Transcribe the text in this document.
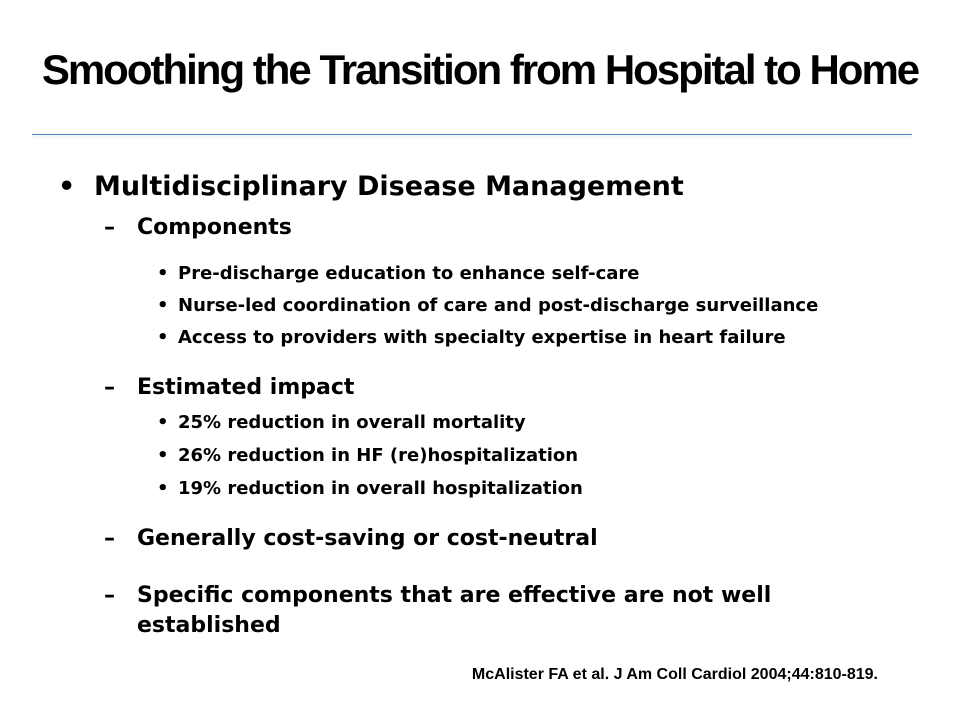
Smoothing the Transition from Hospital to Home
• Multidisciplinary Disease Management
– Components
• Pre-discharge education to enhance self-care
• Nurse-led coordination of care and post-discharge surveillance
• Access to providers with specialty expertise in heart failure
– Estimated impact
• 25% reduction in overall mortality
• 26% reduction in HF (re)hospitalization
• 19% reduction in overall hospitalization
– Generally cost-saving or cost-neutral
– Specific components that are effective are not well
established
McAlister FA et al. J Am Coll Cardiol 2004;44:810-819.
